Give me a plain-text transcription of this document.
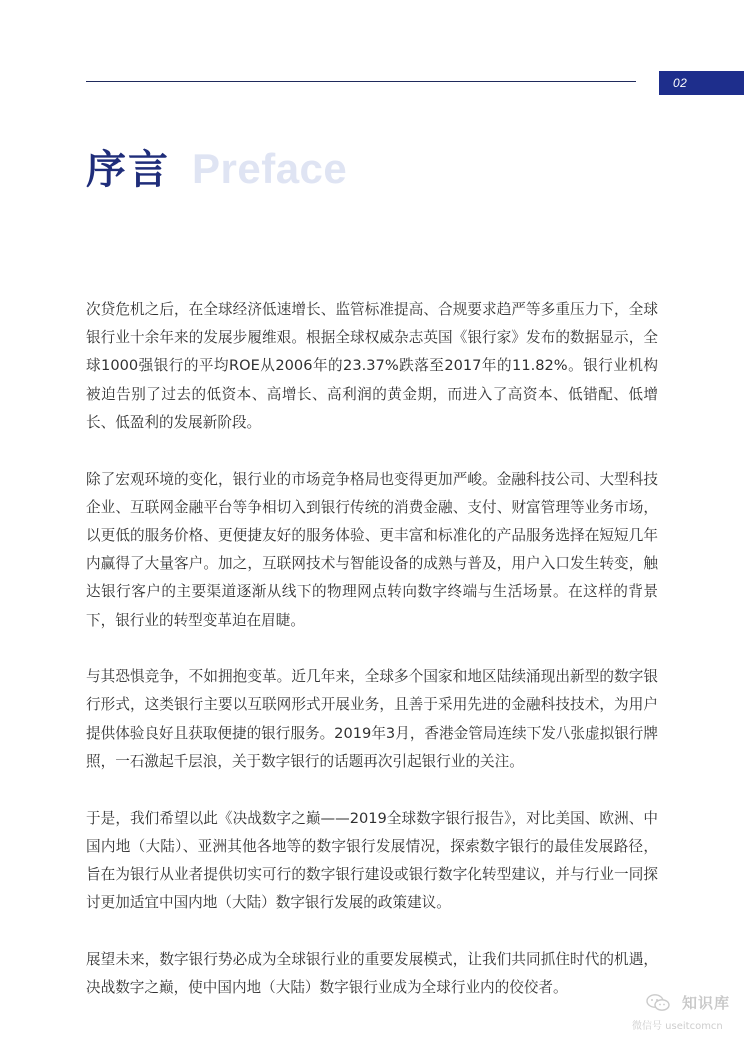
02
序言 Preface

次贷危机之后，在全球经济低速增长、监管标准提高、合规要求趋严等多重压力下，全球银行业十余年来的发展步履维艰。根据全球权威杂志英国《银行家》发布的数据显示，全球1000强银行的平均ROE从2006年的23.37%跌落至2017年的11.82%。银行业机构被迫告别了过去的低资本、高增长、高利润的黄金期，而进入了高资本、低错配、低增长、低盈利的发展新阶段。

除了宏观环境的变化，银行业的市场竞争格局也变得更加严峻。金融科技公司、大型科技企业、互联网金融平台等争相切入到银行传统的消费金融、支付、财富管理等业务市场，以更低的服务价格、更便捷友好的服务体验、更丰富和标准化的产品服务选择在短短几年内赢得了大量客户。加之，互联网技术与智能设备的成熟与普及，用户入口发生转变，触达银行客户的主要渠道逐渐从线下的物理网点转向数字终端与生活场景。在这样的背景下，银行业的转型变革迫在眉睫。

与其恐惧竞争，不如拥抱变革。近几年来，全球多个国家和地区陆续涌现出新型的数字银行形式，这类银行主要以互联网形式开展业务，且善于采用先进的金融科技技术，为用户提供体验良好且获取便捷的银行服务。2019年3月，香港金管局连续下发八张虚拟银行牌照，一石激起千层浪，关于数字银行的话题再次引起银行业的关注。

于是，我们希望以此《决战数字之巅——2019全球数字银行报告》，对比美国、欧洲、中国内地（大陆）、亚洲其他各地等的数字银行发展情况，探索数字银行的最佳发展路径，旨在为银行从业者提供切实可行的数字银行建设或银行数字化转型建议，并与行业一同探讨更加适宜中国内地（大陆）数字银行发展的政策建议。

展望未来，数字银行势必成为全球银行业的重要发展模式，让我们共同抓住时代的机遇，决战数字之巅，使中国内地（大陆）数字银行业成为全球行业内的佼佼者。

知识库
微信号 useitcomcn
